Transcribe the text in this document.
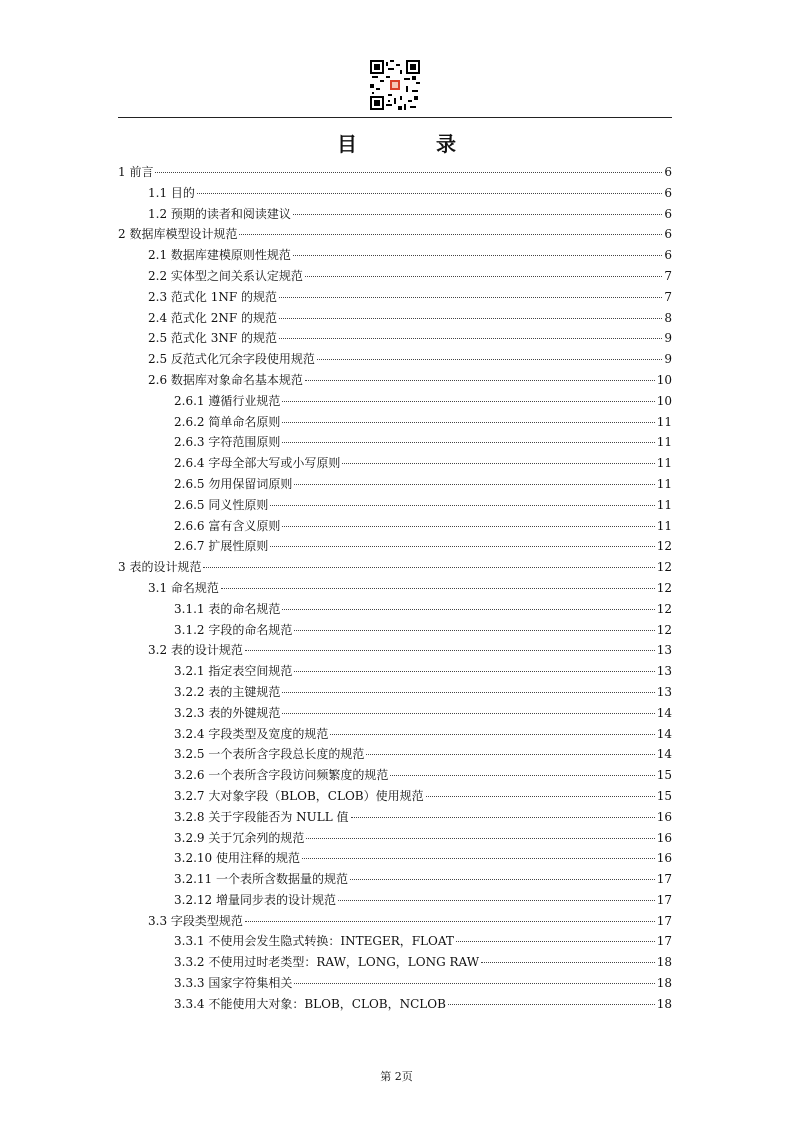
目 录
1 前言	6
1.1 目的	6
1.2 预期的读者和阅读建议	6
2 数据库模型设计规范	6
2.1 数据库建模原则性规范	6
2.2 实体型之间关系认定规范	7
2.3 范式化 1NF 的规范	7
2.4 范式化 2NF 的规范	8
2.5 范式化 3NF 的规范	9
2.5 反范式化冗余字段使用规范	9
2.6 数据库对象命名基本规范	10
2.6.1 遵循行业规范	10
2.6.2 简单命名原则	11
2.6.3 字符范围原则	11
2.6.4 字母全部大写或小写原则	11
2.6.5 勿用保留词原则	11
2.6.5 同义性原则	11
2.6.6 富有含义原则	11
2.6.7 扩展性原则	12
3 表的设计规范	12
3.1 命名规范	12
3.1.1 表的命名规范	12
3.1.2 字段的命名规范	12
3.2 表的设计规范	13
3.2.1 指定表空间规范	13
3.2.2 表的主键规范	13
3.2.3 表的外键规范	14
3.2.4 字段类型及宽度的规范	14
3.2.5 一个表所含字段总长度的规范	14
3.2.6 一个表所含字段访问频繁度的规范	15
3.2.7 大对象字段（BLOB，CLOB）使用规范	15
3.2.8 关于字段能否为 NULL 值	16
3.2.9 关于冗余列的规范	16
3.2.10 使用注释的规范	16
3.2.11 一个表所含数据量的规范	17
3.2.12 增量同步表的设计规范	17
3.3 字段类型规范	17
3.3.1 不使用会发生隐式转换：INTEGER，FLOAT	17
3.3.2 不使用过时老类型：RAW，LONG，LONG RAW	18
3.3.3 国家字符集相关	18
3.3.4 不能使用大对象：BLOB，CLOB，NCLOB	18
第 2页
